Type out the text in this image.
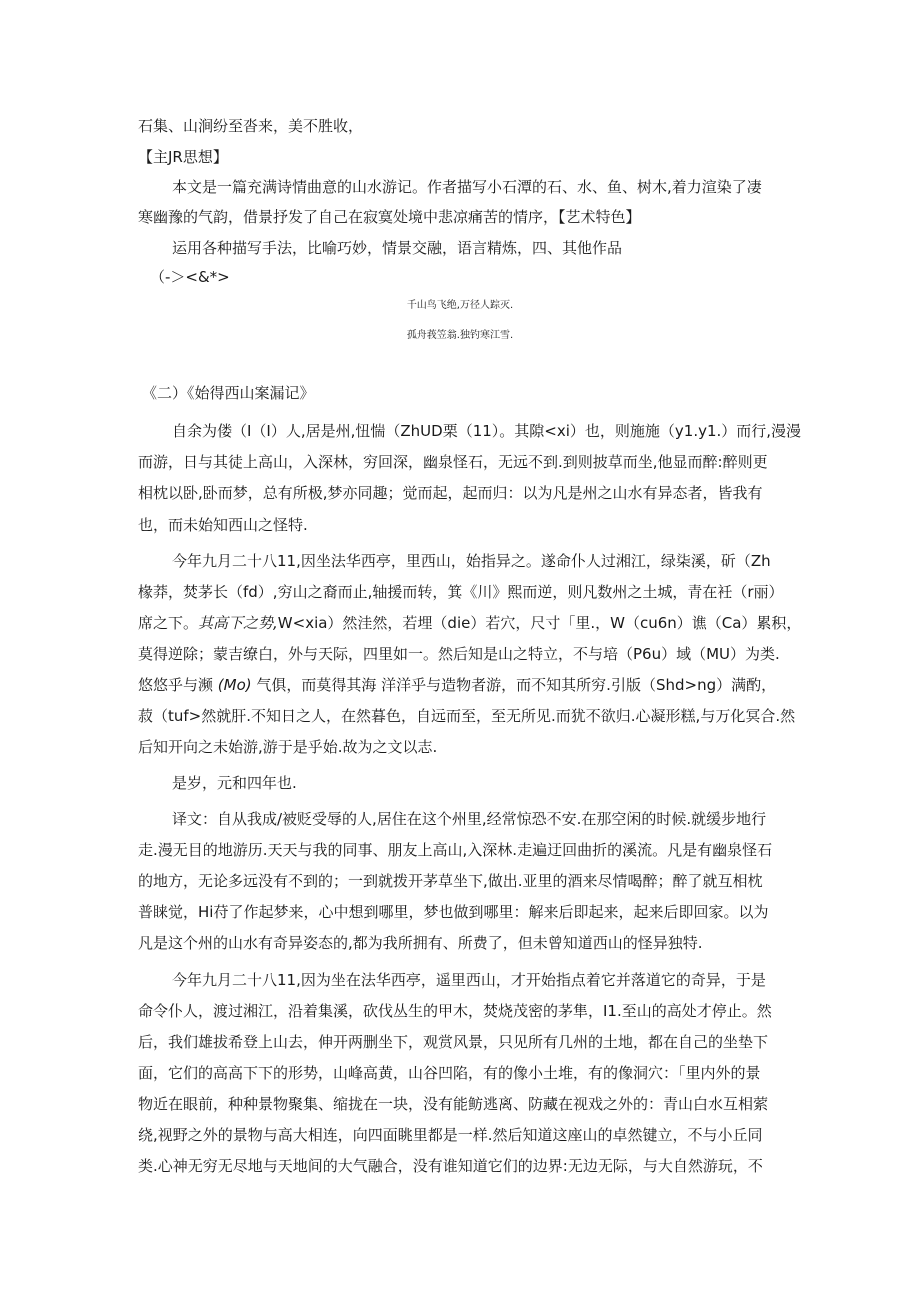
石集、山涧纷至沓来，美不胜收，
【主JR思想】
本文是一篇充满诗情曲意的山水游记。作者描写小石潭的石、水、鱼、树木,着力渲染了凄
寒幽豫的气韵，借景抒发了自己在寂寞处境中悲凉痛苦的情序，【艺术特色】
运用各种描写手法，比喻巧妙，情景交融，语言精炼，四、其他作品
（-＞<&*>
千山鸟飞绝,万径人踪灭.
孤舟莪笠翁.独钓寒江雪.
《二）《始得西山案漏记》
自余为偻（I（I）人,居是州,忸惴（ZhUD栗（11）。其隙<xi）也，则施施（y1.y1.）而行,漫漫
而游，日与其徒上高山，入深林，穷回深，幽泉怪石，无远不到.到则披草而坐,他显而醉:醉则更
相枕以卧,卧而梦，总有所极,梦亦同趣；觉而起，起而归：以为凡是州之山水有异态者，皆我有
也，而未始知西山之怪特.
今年九月二十八11,因坐法华西亭，里西山，始指异之。遂命仆人过湘江，绿柒溪，斫（Zh
椽莽，焚茅长（fd）,穷山之裔而止,轴援而转，箕《川》熙而逆，则凡数州之土城，青在衽（r丽）
席之下。其高下之势,W<xia）然洼然，若埋（die）若穴，尺寸「里.，W（cu6n）谯（Ca）累积，
莫得逆除；蒙吉缭白，外与天际，四里如一。然后知是山之特立，不与培（P6u）域（MU）为类.
悠悠乎与濒 (Mo) 气俱，而莫得其海 洋洋乎与造物者游，而不知其所穷.引版（Shd>ng）满酌，
菽（tuf>然就肝.不知日之人，在然暮色，自远而至，至无所见.而犹不欲归.心凝形糕,与万化冥合.然
后知开向之未始游,游于是乎始.故为之文以志.
是岁，元和四年也.
译文：自从我成/被贬受辱的人,居住在这个州里,经常惊恐不安.在那空闲的时候.就缓步地行
走.漫无目的地游历.天天与我的同事、朋友上高山,入深林.走遍迂回曲折的溪流。凡是有幽泉怪石
的地方，无论多远没有不到的；一到就拨开茅草坐下,做出.亚里的酒来尽情喝醉；醉了就互相枕
普睐觉，Hi苻了作起梦来，心中想到哪里，梦也做到哪里：解来后即起来，起来后即回家。以为
凡是这个州的山水有奇异姿态的,都为我所拥有、所费了，但未曾知道西山的怪异独特.
今年九月二十八11,因为坐在法华西亭，遥里西山，才开始指点着它并落道它的奇异，于是
命令仆人，渡过湘江，沿着集溪，砍伐丛生的甲木，焚烧茂密的茅隼，I1.至山的高处才停止。然
后，我们雄拔希登上山去，伸开两删坐下，观赏风景，只见所有几州的土地，都在自己的坐垫下
面，它们的高高下下的形势，山峰高黄，山谷凹陷，有的像小土堆，有的像洞穴：「里内外的景
物近在眼前，种种景物聚集、缩拢在一块，没有能鲂逃离、防藏在视戏之外的：青山白水互相萦
绕,视野之外的景物与高大相连，向四面眺里都是一样.然后知道这座山的卓然键立，不与小丘同
类.心神无穷无尽地与天地间的大气融合，没有谁知道它们的边界:无边无际，与大自然游玩，不
